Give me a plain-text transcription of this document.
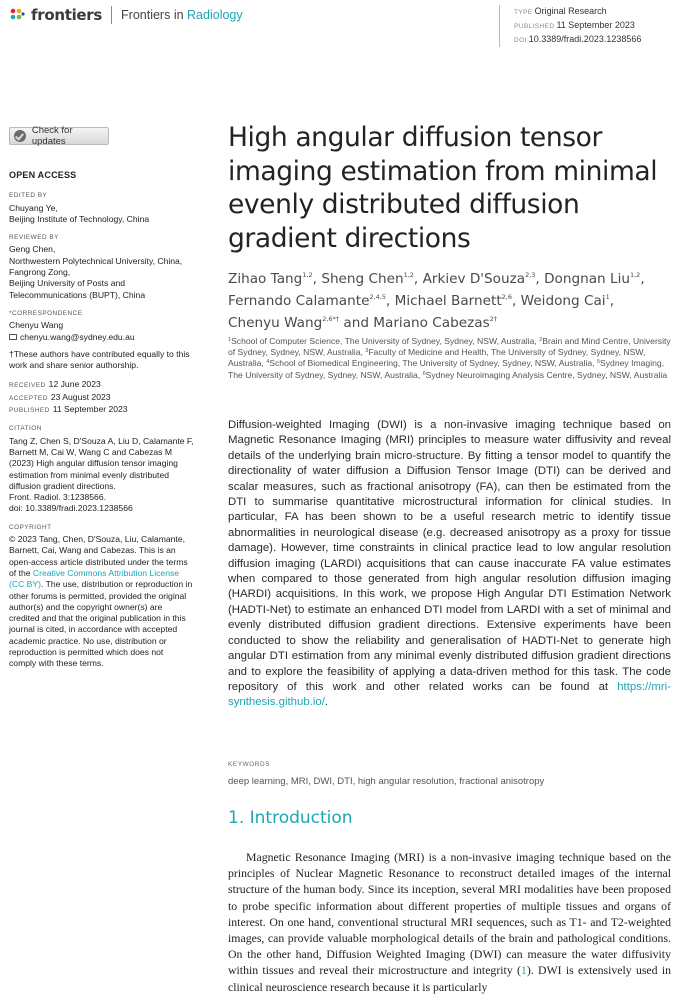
frontiers Frontiers in Radiology	TYPE Original Research
PUBLISHED 11 September 2023
DOI 10.3389/fradi.2023.1238566
Check for updates
OPEN ACCESS
EDITED BY
Chuyang Ye,
Beijing Institute of Technology, China
REVIEWED BY
Geng Chen,
Northwestern Polytechnical University, China,
Fangrong Zong,
Beijing University of Posts and
Telecommunications (BUPT), China
*CORRESPONDENCE
Chenyu Wang
chenyu.wang@sydney.edu.au
†These authors have contributed equally to this
work and share senior authorship.
RECEIVED 12 June 2023
ACCEPTED 23 August 2023
PUBLISHED 11 September 2023
CITATION
Tang Z, Chen S, D'Souza A, Liu D, Calamante F,
Barnett M, Cai W, Wang C and Cabezas M
(2023) High angular diffusion tensor imaging
estimation from minimal evenly distributed
diffusion gradient directions.
Front. Radiol. 3:1238566.
doi: 10.3389/fradi.2023.1238566
COPYRIGHT
© 2023 Tang, Chen, D'Souza, Liu, Calamante,
Barnett, Cai, Wang and Cabezas. This is an
open-access article distributed under the terms
of the Creative Commons Attribution License
(CC BY). The use, distribution or reproduction in
other forums is permitted, provided the original
author(s) and the copyright owner(s) are
credited and that the original publication in this
journal is cited, in accordance with accepted
academic practice. No use, distribution or
reproduction is permitted which does not
comply with these terms.
High angular diffusion tensor
imaging estimation from minimal
evenly distributed diffusion
gradient directions
Zihao Tang$^{1,2}$, Sheng Chen$^{1,2}$, Arkiev D'Souza$^{2,3}$, Dongnan Liu$^{1,2}$,
Fernando Calamante$^{2,4,5}$, Michael Barnett$^{2,6}$, Weidong Cai$^1$,
Chenyu Wang$^{2,6*\dagger}$ and Mariano Cabezas$^{2\dagger}$
$^1$School of Computer Science, The University of Sydney, Sydney, NSW, Australia, $^2$Brain and Mind Centre, University of Sydney, Sydney, NSW, Australia, $^3$Faculty of Medicine and Health, The University of Sydney, Sydney, NSW, Australia, $^4$School of Biomedical Engineering, The University of Sydney, Sydney, NSW, Australia, $^5$Sydney Imaging, The University of Sydney, Sydney, NSW, Australia, $^6$Sydney Neuroimaging Analysis Centre, Sydney, NSW, Australia
Diffusion-weighted Imaging (DWI) is a non-invasive imaging technique based on Magnetic Resonance Imaging (MRI) principles to measure water diffusivity and reveal details of the underlying brain micro-structure. By fitting a tensor model to quantify the directionality of water diffusion a Diffusion Tensor Image (DTI) can be derived and scalar measures, such as fractional anisotropy (FA), can then be estimated from the DTI to summarise quantitative microstructural information for clinical studies. In particular, FA has been shown to be a useful research metric to identify tissue abnormalities in neurological disease (e.g. decreased anisotropy as a proxy for tissue damage). However, time constraints in clinical practice lead to low angular resolution diffusion imaging (LARDI) acquisitions that can cause inaccurate FA value estimates when compared to those generated from high angular resolution diffusion imaging (HARDI) acquisitions. In this work, we propose High Angular DTI Estimation Network (HADTI-Net) to estimate an enhanced DTI model from LARDI with a set of minimal and evenly distributed diffusion gradient directions. Extensive experiments have been conducted to show the reliability and generalisation of HADTI-Net to generate high angular DTI estimation from any minimal evenly distributed diffusion gradient directions and to explore the feasibility of applying a data-driven method for this task. The code repository of this work and other related works can be found at https://mri-synthesis.github.io/.
KEYWORDS
deep learning, MRI, DWI, DTI, high angular resolution, fractional anisotropy
1. Introduction
Magnetic Resonance Imaging (MRI) is a non-invasive imaging technique based on the principles of Nuclear Magnetic Resonance to reconstruct detailed images of the internal structure of the human body. Since its inception, several MRI modalities have been proposed to probe specific information about different properties of multiple tissues and organs of interest. On one hand, conventional structural MRI sequences, such as T1- and T2-weighted images, can provide valuable morphological details of the brain and pathological conditions. On the other hand, Diffusion Weighted Imaging (DWI) can measure the water diffusivity within tissues and reveal their microstructure and integrity (1). DWI is extensively used in clinical neuroscience research because it is particularly
